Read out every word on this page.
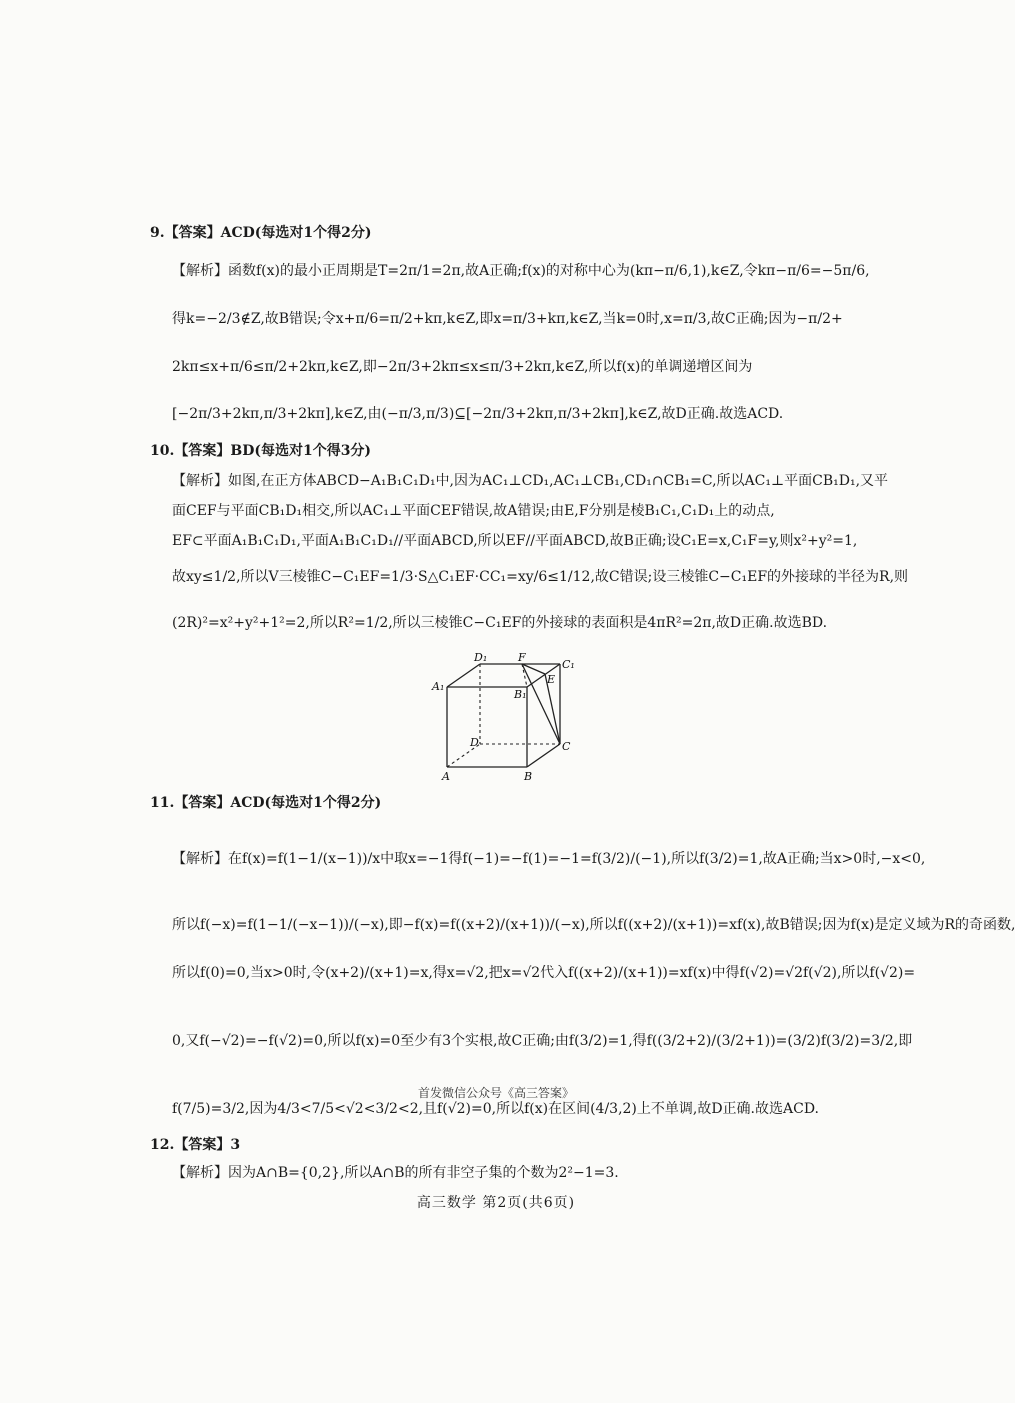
9.【答案】ACD(每选对1个得2分)
【解析】函数f(x)的最小正周期是T=2π/1=2π,故A正确;f(x)的对称中心为(kπ−π/6,1),k∈Z,令kπ−π/6=−5π/6,
得k=−2/3∉Z,故B错误;令x+π/6=π/2+kπ,k∈Z,即x=π/3+kπ,k∈Z,当k=0时,x=π/3,故C正确;因为−π/2+
2kπ≤x+π/6≤π/2+2kπ,k∈Z,即−2π/3+2kπ≤x≤π/3+2kπ,k∈Z,所以f(x)的单调递增区间为
[−2π/3+2kπ,π/3+2kπ],k∈Z,由(−π/3,π/3)⊆[−2π/3+2kπ,π/3+2kπ],k∈Z,故D正确.故选ACD.
10.【答案】BD(每选对1个得3分)
【解析】如图,在正方体ABCD−A₁B₁C₁D₁中,因为AC₁⊥CD₁,AC₁⊥CB₁,CD₁∩CB₁=C,所以AC₁⊥平面CB₁D₁,又平
面CEF与平面CB₁D₁相交,所以AC₁⊥平面CEF错误,故A错误;由E,F分别是棱B₁C₁,C₁D₁上的动点,
EF⊂平面A₁B₁C₁D₁,平面A₁B₁C₁D₁//平面ABCD,所以EF//平面ABCD,故B正确;设C₁E=x,C₁F=y,则x²+y²=1,
故xy≤1/2,所以V三棱锥C−C₁EF=1/3·S△C₁EF·CC₁=xy/6≤1/12,故C错误;设三棱锥C−C₁EF的外接球的半径为R,则
(2R)²=x²+y²+1²=2,所以R²=1/2,所以三棱锥C−C₁EF的外接球的表面积是4πR²=2π,故D正确.故选BD.
D₁	F
C₁
A₁
E
B₁
D	C
A	B
11.【答案】ACD(每选对1个得2分)
【解析】在f(x)=f(1−1/(x−1))/x中取x=−1得f(−1)=−f(1)=−1=f(3/2)/(−1),所以f(3/2)=1,故A正确;当x>0时,−x<0,
所以f(−x)=f(1−1/(−x−1))/(−x),即−f(x)=f((x+2)/(x+1))/(−x),所以f((x+2)/(x+1))=xf(x),故B错误;因为f(x)是定义域为R的奇函数,
所以f(0)=0,当x>0时,令(x+2)/(x+1)=x,得x=√2,把x=√2代入f((x+2)/(x+1))=xf(x)中得f(√2)=√2f(√2),所以f(√2)=
0,又f(−√2)=−f(√2)=0,所以f(x)=0至少有3个实根,故C正确;由f(3/2)=1,得f((3/2+2)/(3/2+1))=(3/2)f(3/2)=3/2,即
首发微信公众号《高三答案》
f(7/5)=3/2,因为4/3<7/5<√2<3/2<2,且f(√2)=0,所以f(x)在区间(4/3,2)上不单调,故D正确.故选ACD.
12.【答案】3
【解析】因为A∩B={0,2},所以A∩B的所有非空子集的个数为2²−1=3.
高三数学 第2页(共6页)
